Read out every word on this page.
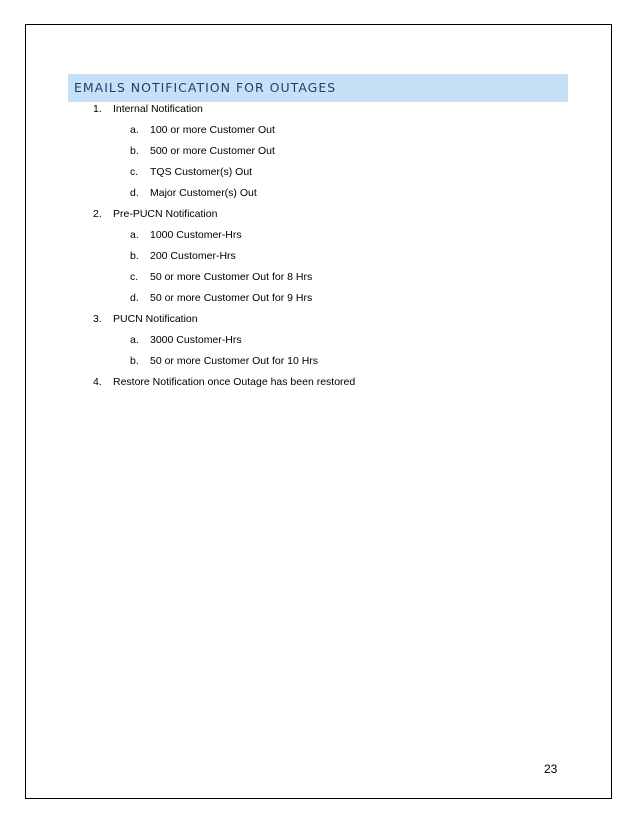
EMAILS NOTIFICATION FOR OUTAGES
1. Internal Notification
a. 100 or more Customer Out
b. 500 or more Customer Out
c. TQS Customer(s) Out
d. Major Customer(s) Out
2. Pre-PUCN Notification
a. 1000 Customer-Hrs
b. 200 Customer-Hrs
c. 50 or more Customer Out for 8 Hrs
d. 50 or more Customer Out for 9 Hrs
3. PUCN Notification
a. 3000 Customer-Hrs
b. 50 or more Customer Out for 10 Hrs
4. Restore Notification once Outage has been restored
23
